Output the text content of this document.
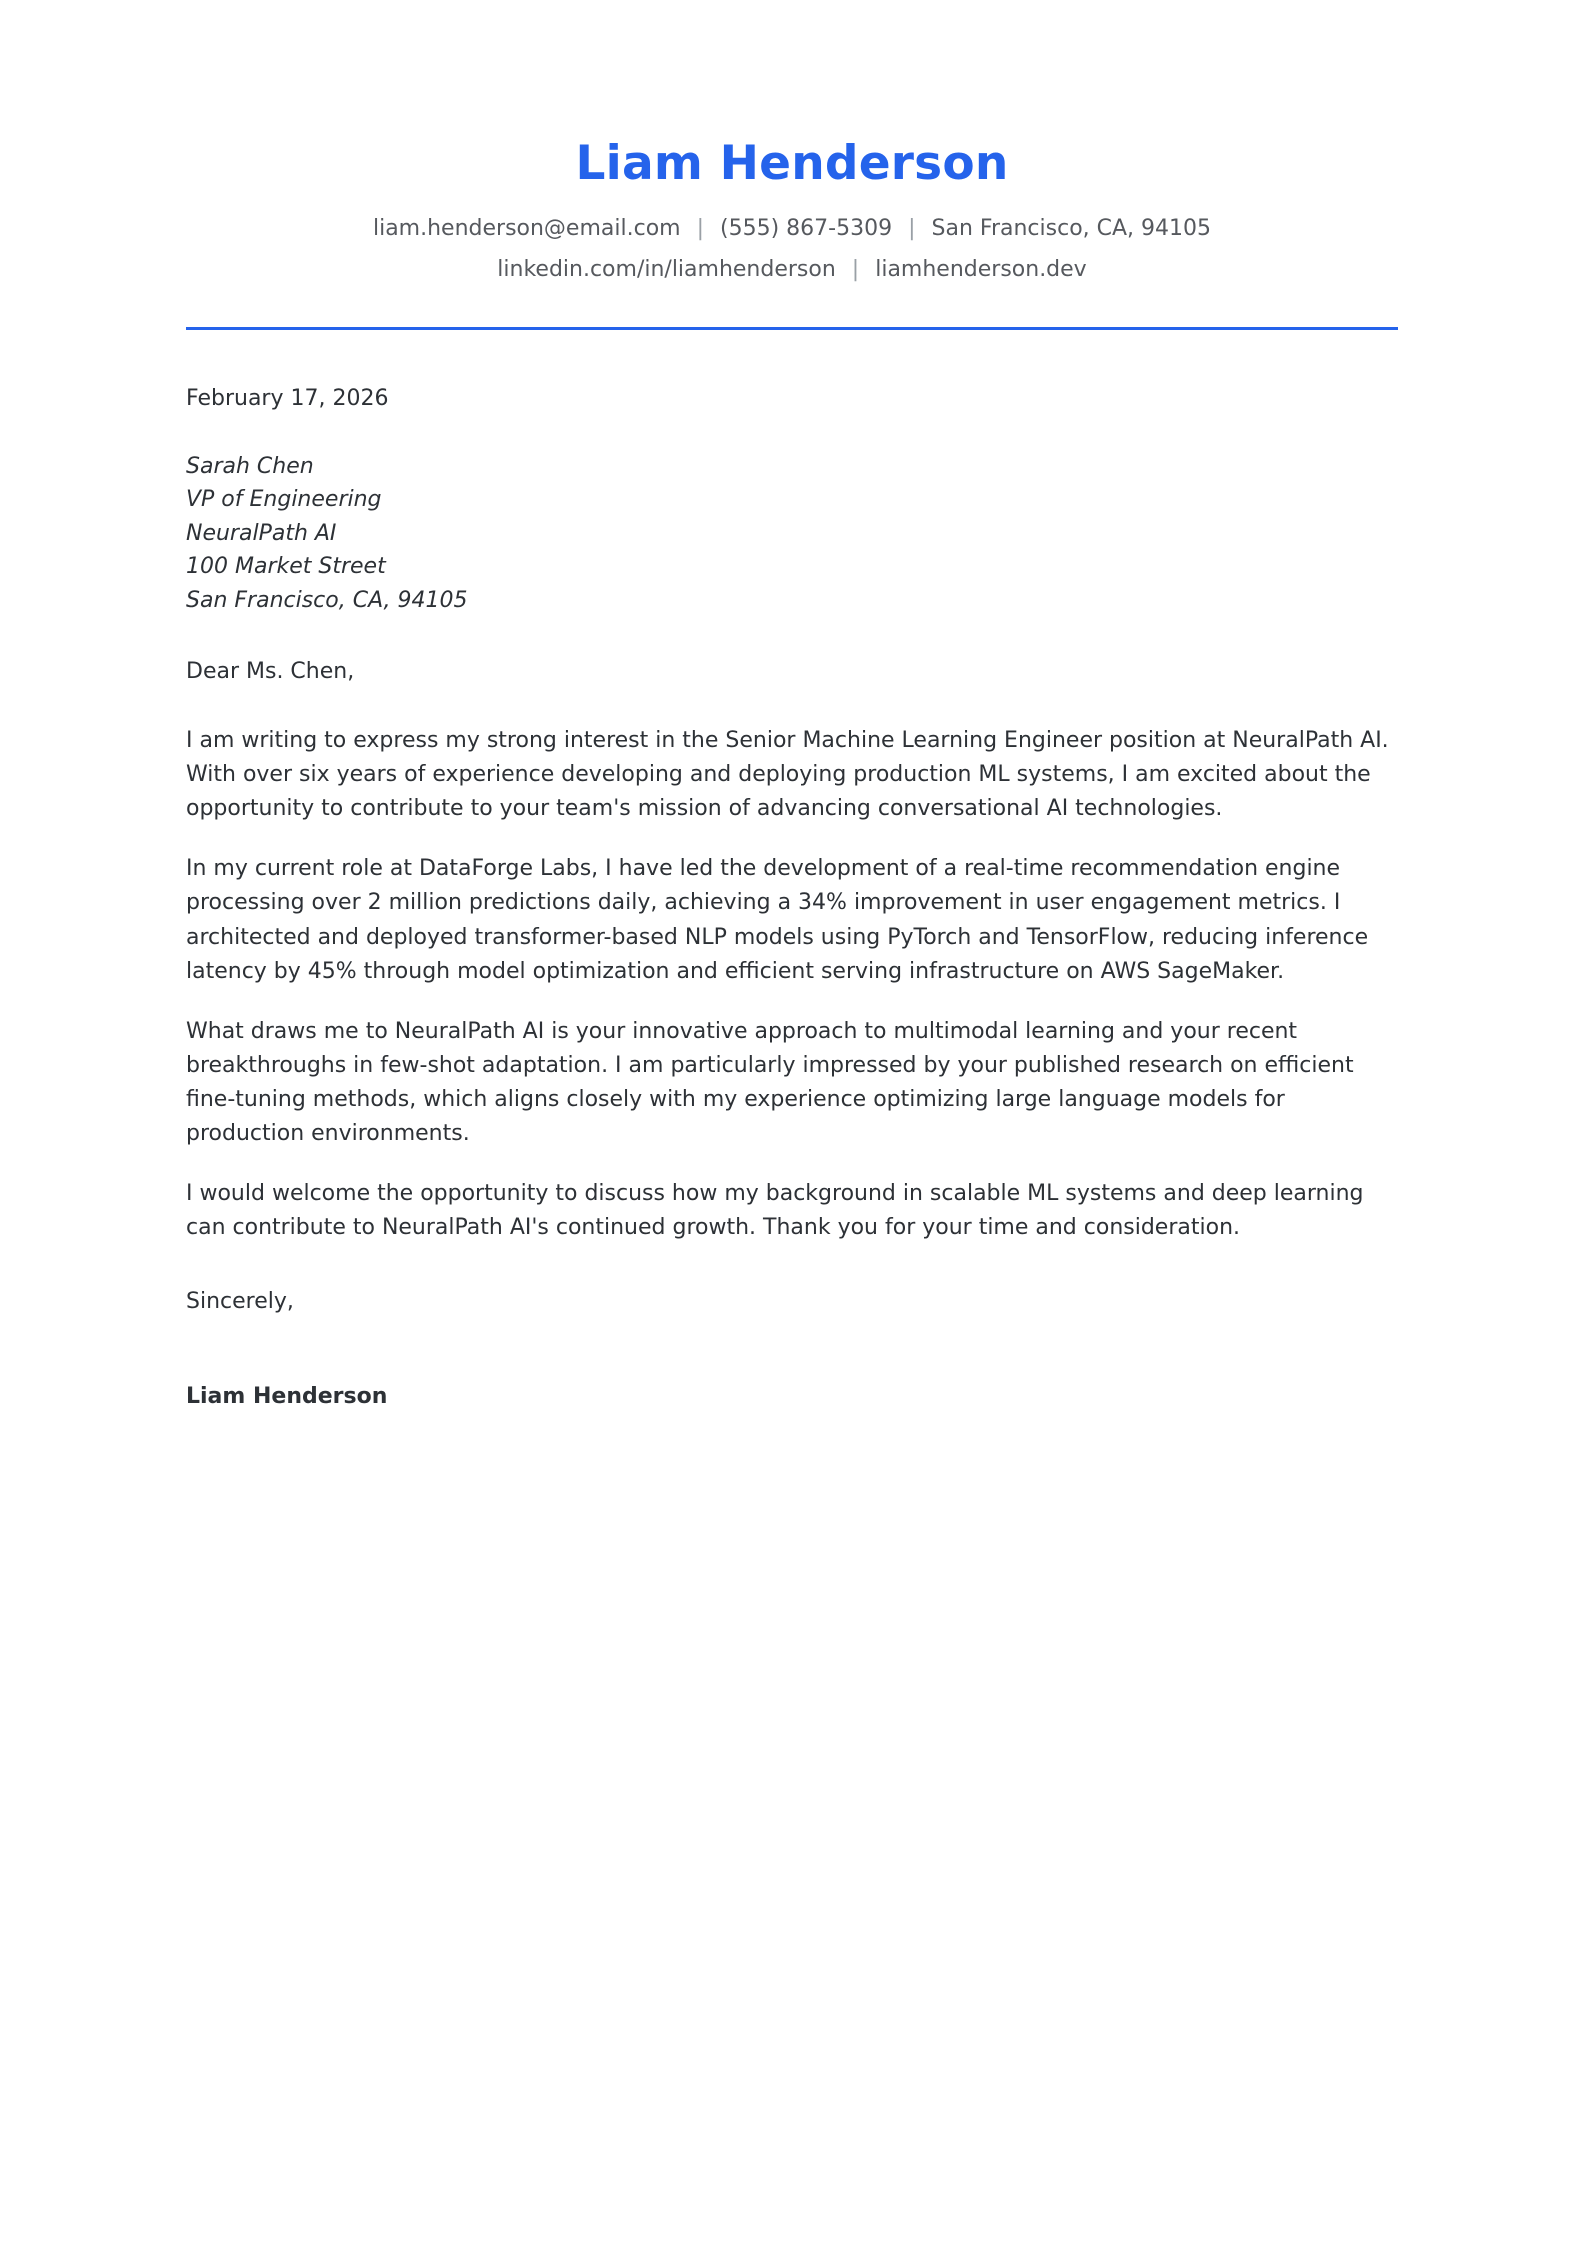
Liam Henderson
liam.henderson@email.com | (555) 867-5309 | San Francisco, CA, 94105
linkedin.com/in/liamhenderson | liamhenderson.dev
February 17, 2026
Sarah Chen
VP of Engineering
NeuralPath AI
100 Market Street
San Francisco, CA, 94105
Dear Ms. Chen,

I am writing to express my strong interest in the Senior Machine Learning Engineer position at NeuralPath AI. With over six years of experience developing and deploying production ML systems, I am excited about the opportunity to contribute to your team's mission of advancing conversational AI technologies.

In my current role at DataForge Labs, I have led the development of a real-time recommendation engine processing over 2 million predictions daily, achieving a 34% improvement in user engagement metrics. I architected and deployed transformer-based NLP models using PyTorch and TensorFlow, reducing inference latency by 45% through model optimization and efficient serving infrastructure on AWS SageMaker.

What draws me to NeuralPath AI is your innovative approach to multimodal learning and your recent breakthroughs in few-shot adaptation. I am particularly impressed by your published research on efficient fine-tuning methods, which aligns closely with my experience optimizing large language models for production environments.

I would welcome the opportunity to discuss how my background in scalable ML systems and deep learning can contribute to NeuralPath AI's continued growth. Thank you for your time and consideration.

Sincerely,
Liam Henderson
